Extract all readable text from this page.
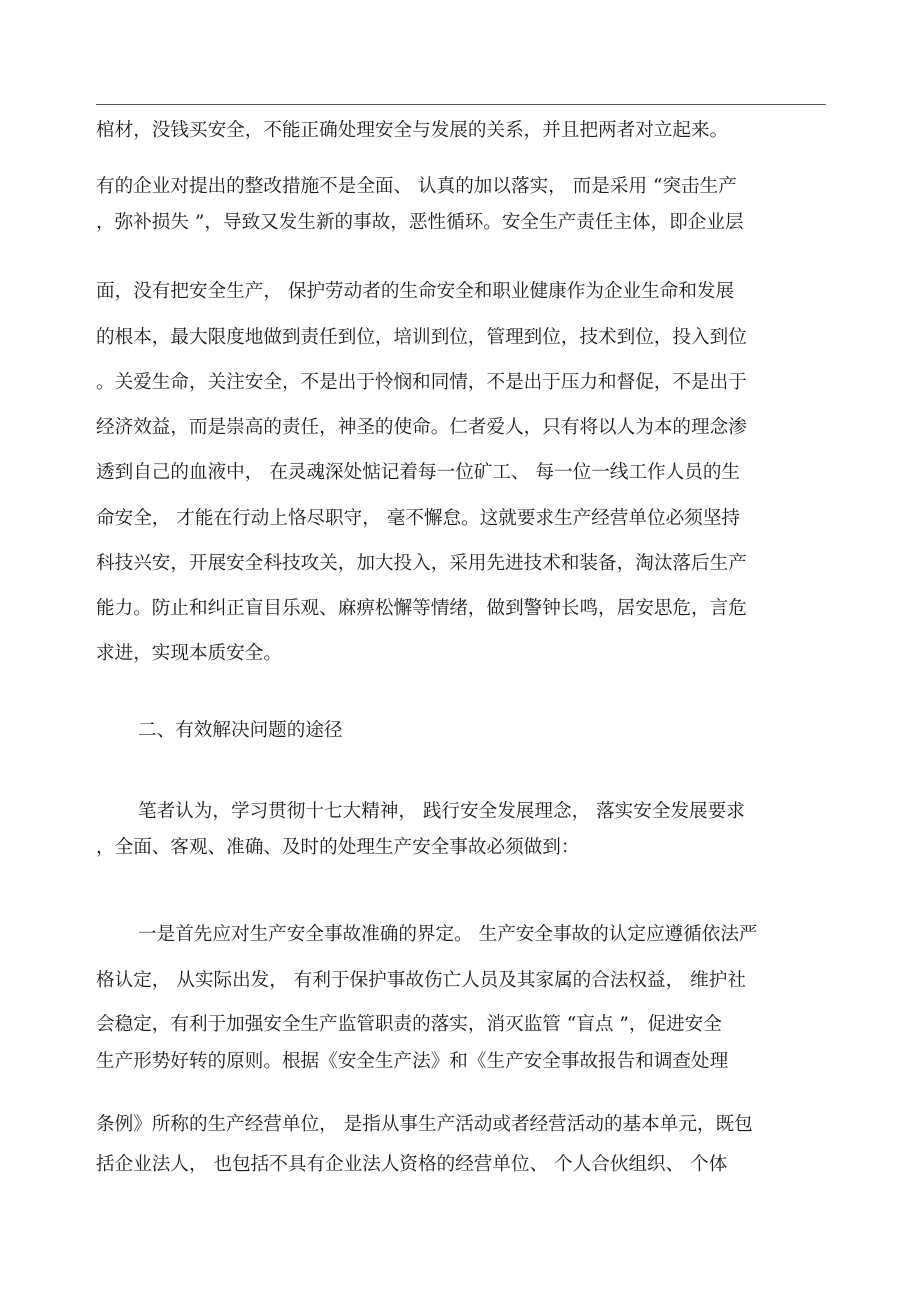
棺材，没钱买安全，不能正确处理安全与发展的关系，并且把两者对立起来。
有的企业对提出的整改措施不是全面、 认真的加以落实， 而是采用 “突击生产
，弥补损失 ”，导致又发生新的事故，恶性循环。安全生产责任主体，即企业层
面，没有把安全生产， 保护劳动者的生命安全和职业健康作为企业生命和发展
的根本，最大限度地做到责任到位，培训到位，管理到位，技术到位，投入到位
。关爱生命，关注安全，不是出于怜悯和同情，不是出于压力和督促，不是出于
经济效益，而是崇高的责任，神圣的使命。仁者爱人，只有将以人为本的理念渗
透到自己的血液中， 在灵魂深处惦记着每一位矿工、 每一位一线工作人员的生
命安全， 才能在行动上恪尽职守， 毫不懈怠。这就要求生产经营单位必须坚持
科技兴安，开展安全科技攻关，加大投入，采用先进技术和装备，淘汰落后生产
能力。防止和纠正盲目乐观、麻痹松懈等情绪，做到警钟长鸣，居安思危，言危
求进，实现本质安全。
二、有效解决问题的途径
笔者认为，学习贯彻十七大精神， 践行安全发展理念， 落实安全发展要求
，全面、客观、准确、及时的处理生产安全事故必须做到：
一是首先应对生产安全事故准确的界定。 生产安全事故的认定应遵循依法严
格认定， 从实际出发， 有利于保护事故伤亡人员及其家属的合法权益， 维护社
会稳定，有利于加强安全生产监管职责的落实，消灭监管 “盲点 ”，促进安全
生产形势好转的原则。根据《安全生产法》和《生产安全事故报告和调查处理
条例》所称的生产经营单位， 是指从事生产活动或者经营活动的基本单元，既包
括企业法人， 也包括不具有企业法人资格的经营单位、 个人合伙组织、 个体
